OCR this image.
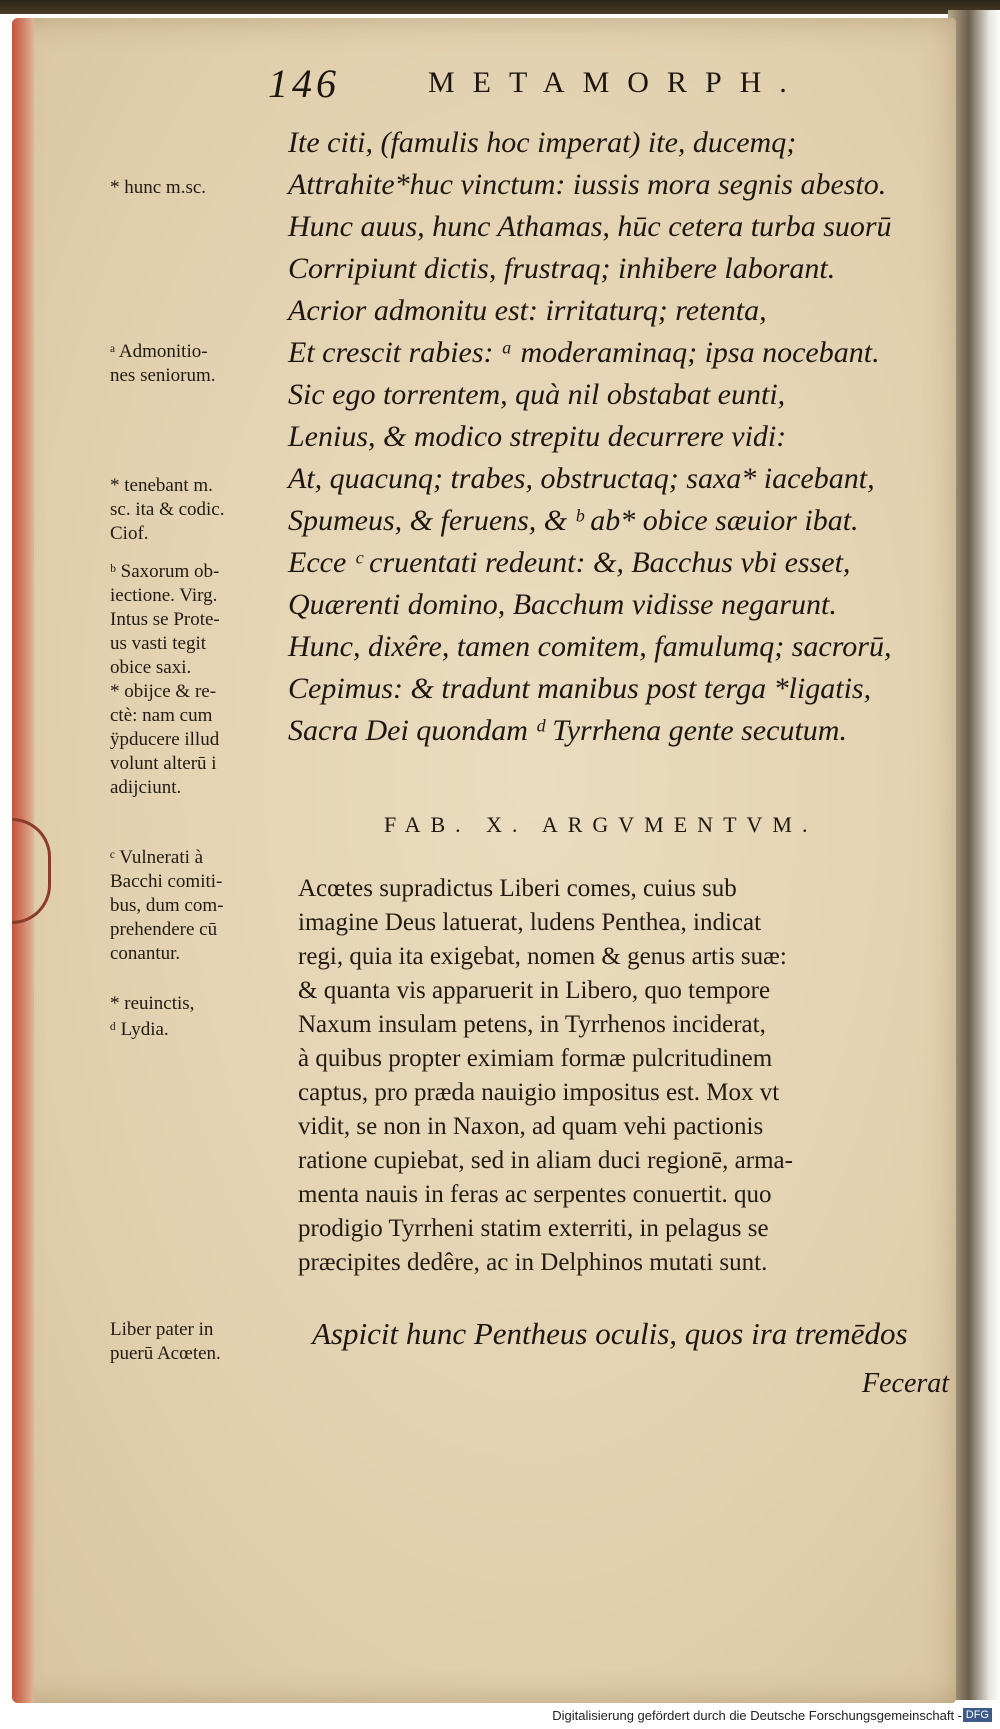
146	METAMORPH.
Ite citi, (famulis hoc imperat) ite, ducemq;
Attrahite*huc vinctum: iussis mora segnis abesto.
Hunc auus, hunc Athamas, hūc cetera turba suorū
Corripiunt dictis, frustraq; inhibere laborant.
Acrior admonitu est: irritaturq; retenta,
Et crescit rabies: ᵃ moderaminaq; ipsa nocebant.
Sic ego torrentem, quà nil obstabat eunti,
Lenius, & modico strepitu decurrere vidi:
At, quacunq; trabes, obstructaq; saxa* iacebant,
Spumeus, & feruens, & ᵇ ab* obice sæuior ibat.
Ecce ᶜ cruentati redeunt: &, Bacchus vbi esset,
Quærenti domino, Bacchum vidisse negarunt.
Hunc, dixêre, tamen comitem, famulumq; sacrorū,
Cepimus: & tradunt manibus post terga *ligatis,
Sacra Dei quondam ᵈ Tyrrhena gente secutum.
* hunc m.sc.
ᵃ Admonitio-
nes seniorum.
* tenebant m.
sc. ita & codic.
Ciof.
ᵇ Saxorum ob-
iectione. Virg.
Intus se Prote-
us vasti tegit
obice saxi.
* obijce & re-
ctè: nam cum
ÿpducere illud
volunt alterū i
adijciunt.
ᶜ Vulnerati à
Bacchi comiti-
bus, dum com-
prehendere cū
conantur.
* reuinctis,
ᵈ Lydia.
Liber pater in
puerū Acœten.
FAB. X. ARGVMENTVM.
Acœtes supradictus Liberi comes, cuius sub
imagine Deus latuerat, ludens Penthea, indicat
regi, quia ita exigebat, nomen & genus artis suæ:
& quanta vis apparuerit in Libero, quo tempore
Naxum insulam petens, in Tyrrhenos inciderat,
à quibus propter eximiam formæ pulcritudinem
captus, pro præda nauigio impositus est. Mox vt
vidit, se non in Naxon, ad quam vehi pactionis
ratione cupiebat, sed in aliam duci regionē, arma-
menta nauis in feras ac serpentes conuertit. quo
prodigio Tyrrheni statim exterriti, in pelagus se
præcipites dedêre, ac in Delphinos mutati sunt.
Aspicit hunc Pentheus oculis, quos ira tremēdos
Fecerat
Digitalisierung gefördert durch die Deutsche Forschungsgemeinschaft - DFG
